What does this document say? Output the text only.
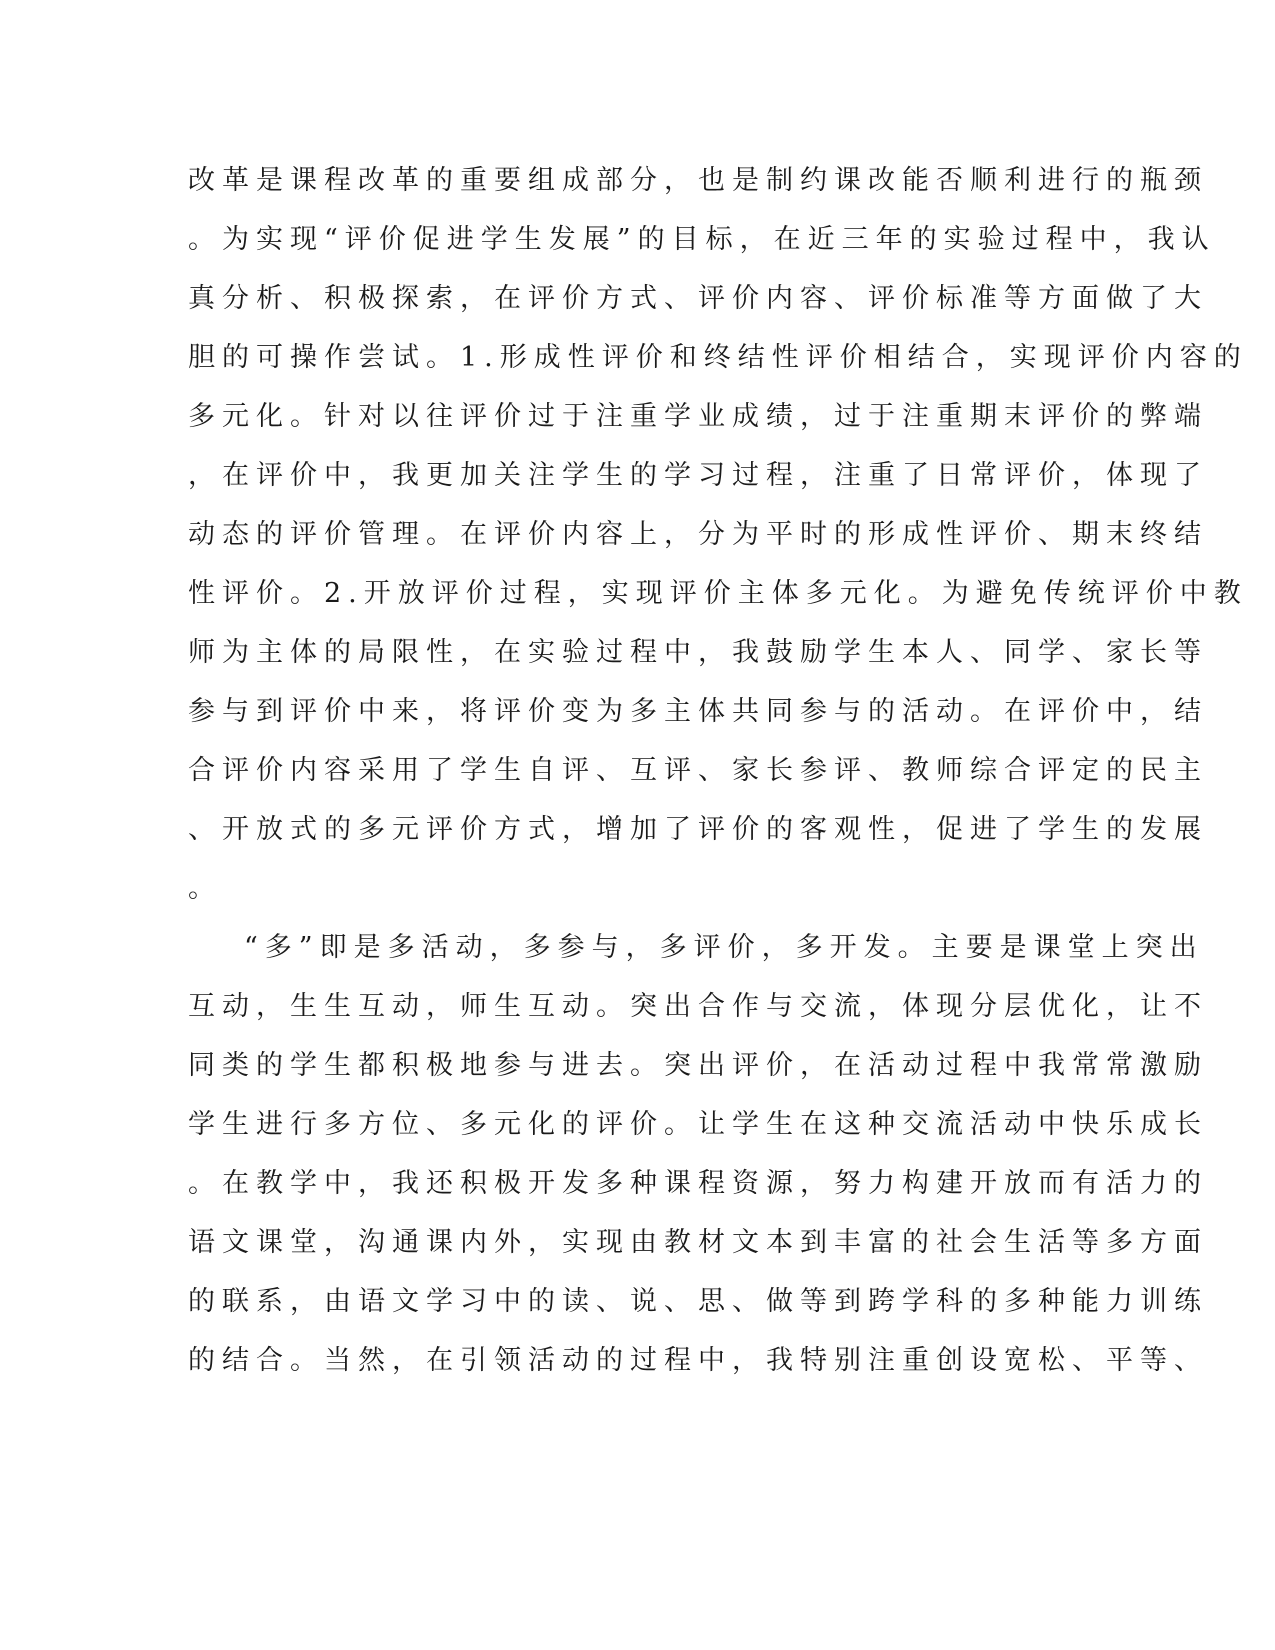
改革是课程改革的重要组成部分，也是制约课改能否顺利进行的瓶颈
。为实现“评价促进学生发展”的目标，在近三年的实验过程中，我认
真分析、积极探索，在评价方式、评价内容、评价标准等方面做了大
胆的可操作尝试。1.形成性评价和终结性评价相结合，实现评价内容的
多元化。针对以往评价过于注重学业成绩，过于注重期末评价的弊端
，在评价中，我更加关注学生的学习过程，注重了日常评价，体现了
动态的评价管理。在评价内容上，分为平时的形成性评价、期末终结
性评价。2.开放评价过程，实现评价主体多元化。为避免传统评价中教
师为主体的局限性，在实验过程中，我鼓励学生本人、同学、家长等
参与到评价中来，将评价变为多主体共同参与的活动。在评价中，结
合评价内容采用了学生自评、互评、家长参评、教师综合评定的民主
、开放式的多元评价方式，增加了评价的客观性，促进了学生的发展
。
“多”即是多活动，多参与，多评价，多开发。主要是课堂上突出
互动，生生互动，师生互动。突出合作与交流，体现分层优化，让不
同类的学生都积极地参与进去。突出评价，在活动过程中我常常激励
学生进行多方位、多元化的评价。让学生在这种交流活动中快乐成长
。在教学中，我还积极开发多种课程资源，努力构建开放而有活力的
语文课堂，沟通课内外，实现由教材文本到丰富的社会生活等多方面
的联系，由语文学习中的读、说、思、做等到跨学科的多种能力训练
的结合。当然，在引领活动的过程中，我特别注重创设宽松、平等、
